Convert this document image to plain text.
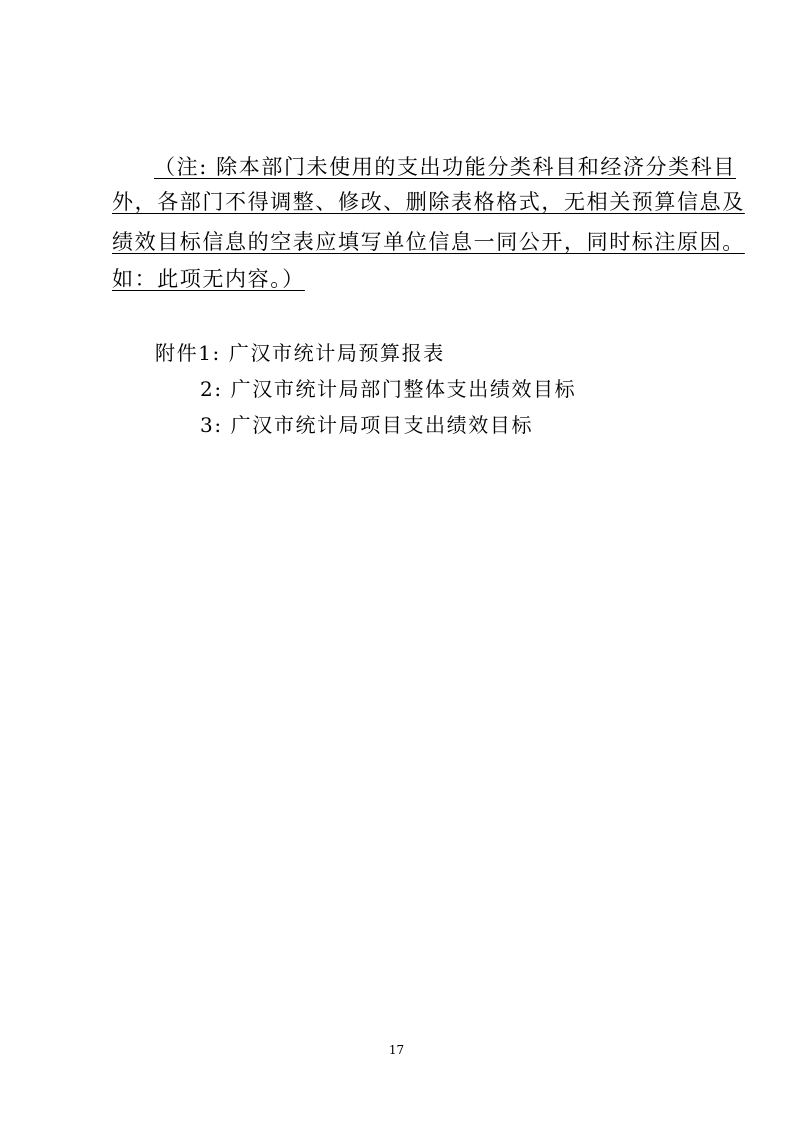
（注: 除本部门未使用的支出功能分类科目和经济分类科目
外，各部门不得调整、修改、删除表格格式，无相关预算信息及
绩效目标信息的空表应填写单位信息一同公开，同时标注原因。
如：此项无内容。）
附件1: 广汉市统计局预算报表
2: 广汉市统计局部门整体支出绩效目标
3: 广汉市统计局项目支出绩效目标
17
